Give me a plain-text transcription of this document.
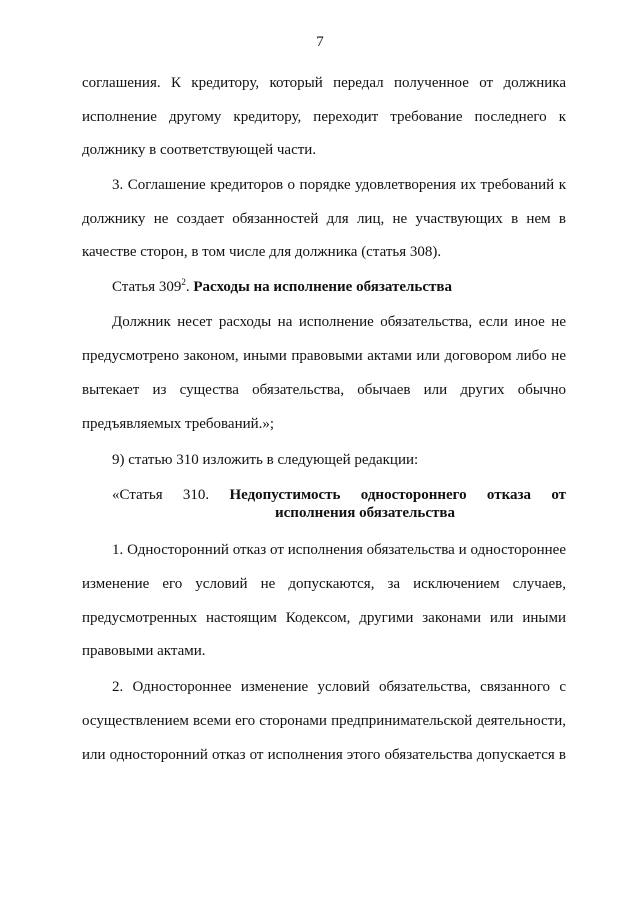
7
соглашения. К кредитору, который передал полученное от должника
исполнение другому кредитору, переходит требование последнего к
должнику в соответствующей части.
3. Соглашение кредиторов о порядке удовлетворения их требований к
должнику не создает обязанностей для лиц, не участвующих в нем в
качестве сторон, в том числе для должника (статья 308).
Статья $309^2$. Расходы на исполнение обязательства
Должник несет расходы на исполнение обязательства, если иное не
предусмотрено законом, иными правовыми актами или договором либо не
вытекает из существа обязательства, обычаев или других обычно
предъявляемых требований.»;
9) статью 310 изложить в следующей редакции:
«Статья 310. Недопустимость одностороннего отказа от
исполнения обязательства
1. Односторонний отказ от исполнения обязательства и одностороннее
изменение его условий не допускаются, за исключением случаев,
предусмотренных настоящим Кодексом, другими законами или иными
правовыми актами.
2. Одностороннее изменение условий обязательства, связанного с
осуществлением всеми его сторонами предпринимательской деятельности,
или односторонний отказ от исполнения этого обязательства допускается в
